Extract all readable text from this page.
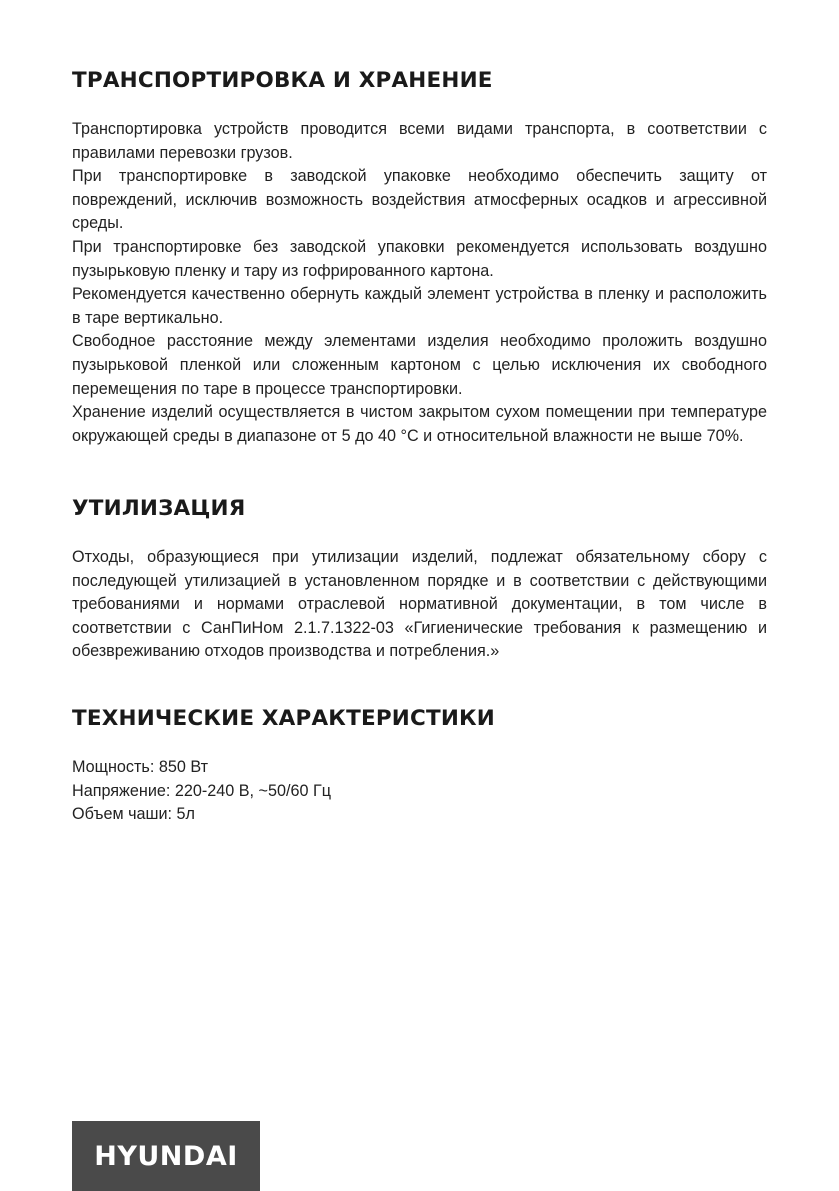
ТРАНСПОРТИРОВКА И ХРАНЕНИЕ

Транспортировка устройств проводится всеми видами транспорта, в соответствии с правилами перевозки грузов.

При транспортировке в заводской упаковке необходимо обеспечить защиту от повреждений, исключив возможность воздействия атмосферных осадков и агрессивной среды.

При транспортировке без заводской упаковки рекомендуется использовать воздушно пузырьковую пленку и тару из гофрированного картона.

Рекомендуется качественно обернуть каждый элемент устройства в пленку и расположить в таре вертикально.

Свободное расстояние между элементами изделия необходимо проложить воздушно пузырьковой пленкой или сложенным картоном с целью исключения их свободного перемещения по таре в процессе транспортировки.

Хранение изделий осуществляется в чистом закрытом сухом помещении при температуре окружающей среды в диапазоне от 5 до 40 °С и относительной влажности не выше 70%.

УТИЛИЗАЦИЯ

Отходы, образующиеся при утилизации изделий, подлежат обязательному сбору с последующей утилизацией в установленном порядке и в соответствии с действующими требованиями и нормами отраслевой нормативной документации, в том числе в соответствии с СанПиНом 2.1.7.1322-03 «Гигиенические требования к размещению и обезвреживанию отходов производства и потребления.»

ТЕХНИЧЕСКИЕ ХАРАКТЕРИСТИКИ

Мощность: 850 Вт

Напряжение: 220-240 В, ~50/60 Гц

Объем чаши: 5л

HYUNDAI
